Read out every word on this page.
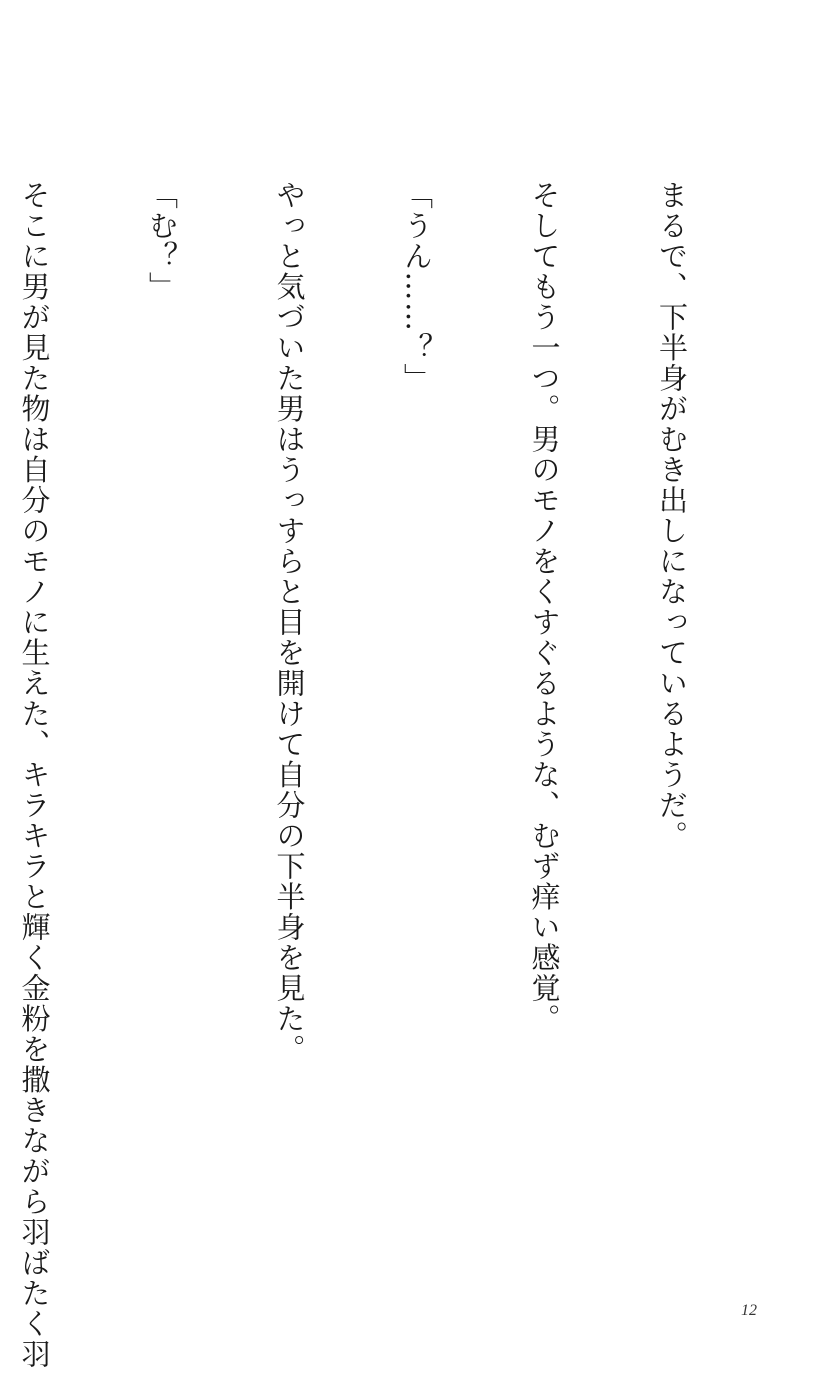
まるで、下半身がむき出しになっているようだ。

そしてもう一つ。男のモノをくすぐるような、むず痒い感覚。

「うん……？」

やっと気づいた男はうっすらと目を開けて自分の下半身を見た。

「む？」

そこに男が見た物は自分のモノに生えた、キラキラと輝く金粉を撒きながら羽ばたく羽

	12
